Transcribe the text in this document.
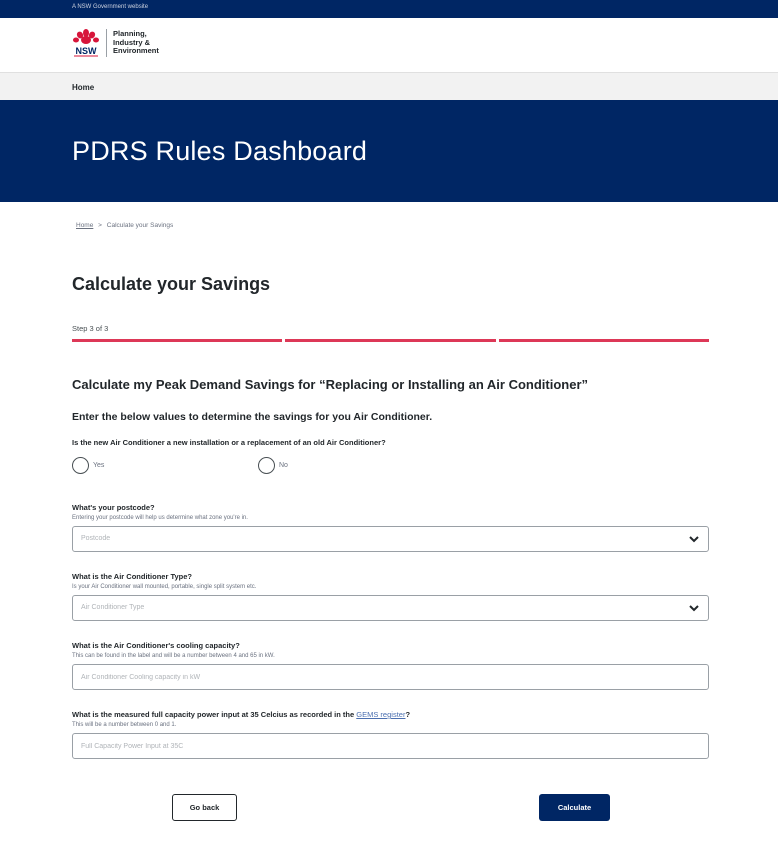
A NSW Government website
NSW
Planning,
Industry &
Environment
Home
PDRS Rules Dashboard
Home > Calculate your Savings
Calculate your Savings
Step 3 of 3
Calculate my Peak Demand Savings for “Replacing or Installing an Air Conditioner”
Enter the below values to determine the savings for you Air Conditioner.
Is the new Air Conditioner a new installation or a replacement of an old Air Conditioner?
Yes	No
What's your postcode?
Entering your postcode will help us determine what zone you're in.
Postcode
What is the Air Conditioner Type?
Is your Air Conditioner wall mounted, portable, single split system etc.
Air Conditioner Type
What is the Air Conditioner's cooling capacity?
This can be found in the label and will be a number between 4 and 65 in kW.
Air Conditioner Cooling capacity in kW
What is the measured full capacity power input at 35 Celcius as recorded in the GEMS register?
This will be a number between 0 and 1.
Full Capacity Power Input at 35C
Go back	Calculate
